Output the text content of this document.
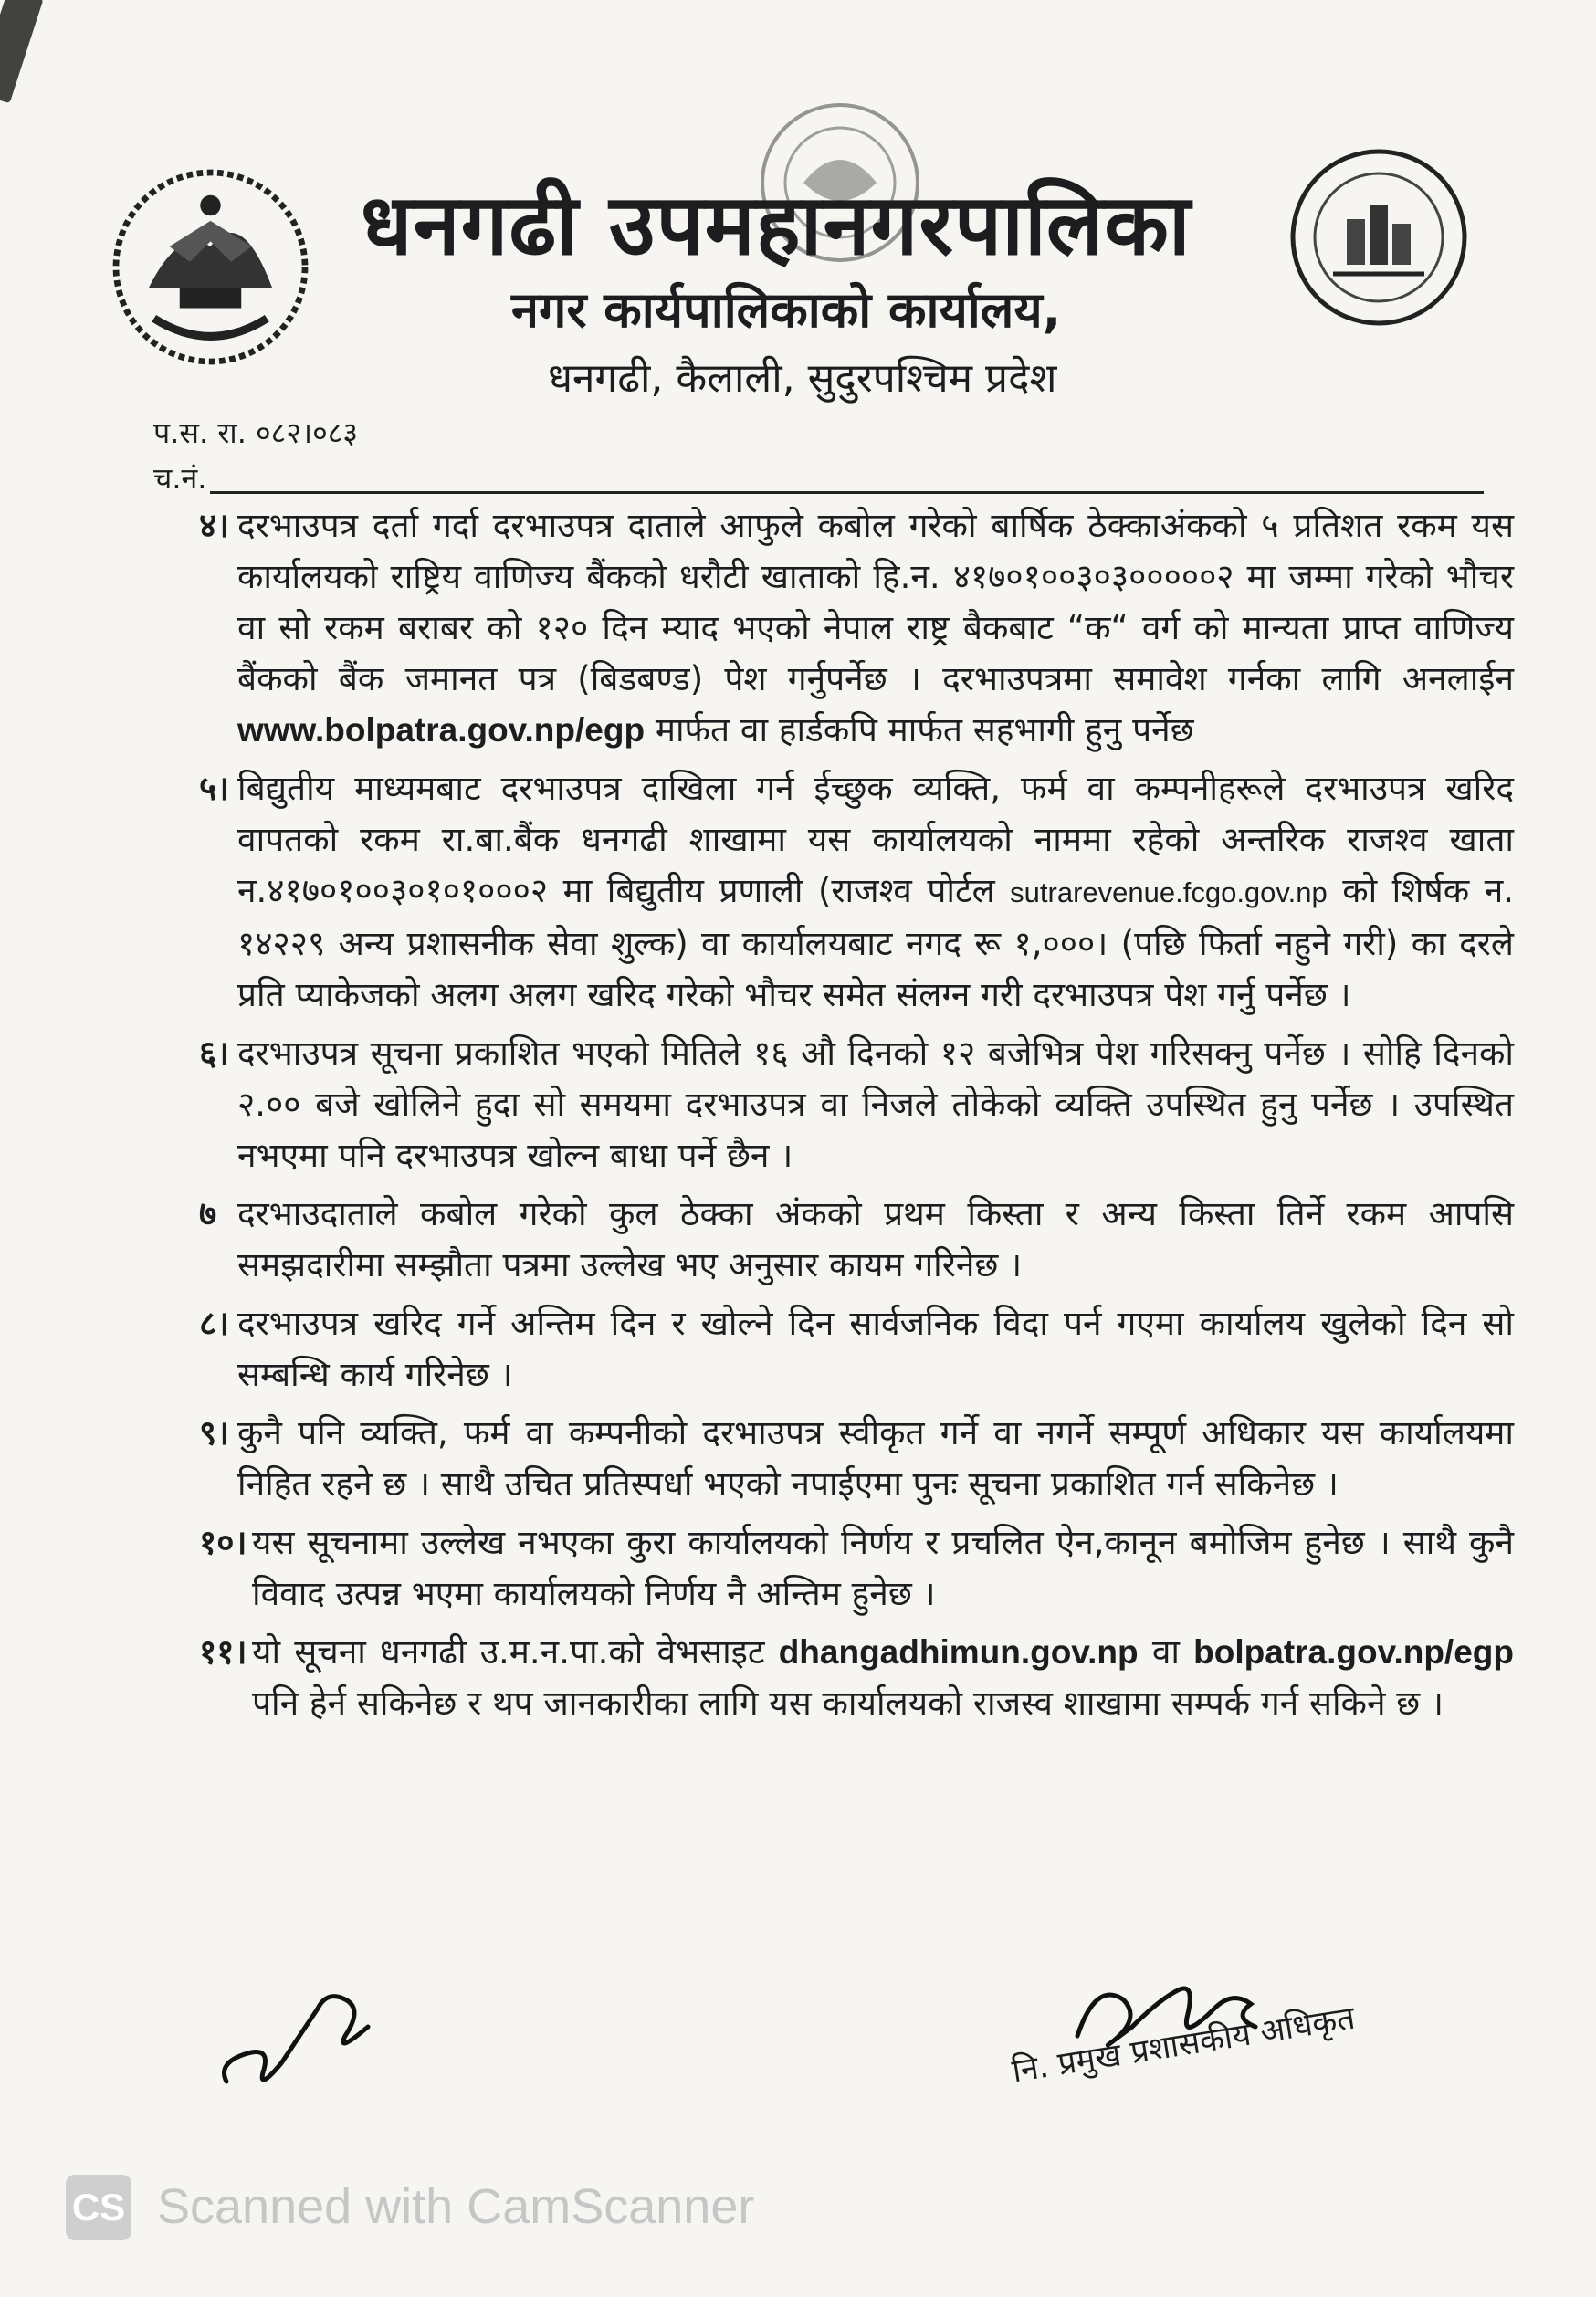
धनगढी उपमहानगरपालिका
नगर कार्यपालिकाको कार्यालय,
धनगढी, कैलाली, सुदुरपश्चिम प्रदेश
प.स. रा. ०८२।०८३
च.नं.
४। दरभाउपत्र दर्ता गर्दा दरभाउपत्र दाताले आफुले कबोल गरेको बार्षिक ठेक्काअंकको ५ प्रतिशत रकम यस कार्यालयको राष्ट्रिय वाणिज्य बैंकको धरौटी खाताको हि.न. ४१७०१००३०३०००००२ मा जम्मा गरेको भौचर वा सो रकम बराबर को १२० दिन म्याद भएको नेपाल राष्ट्र बैकबाट “क“ वर्ग को मान्यता प्राप्त वाणिज्य बैंकको बैंक जमानत पत्र (बिडबण्ड) पेश गर्नुपर्नेछ । दरभाउपत्रमा समावेश गर्नका लागि अनलाईन www.bolpatra.gov.np/egp मार्फत वा हार्डकपि मार्फत सहभागी हुनु पर्नेछ
५। बिद्युतीय माध्यमबाट दरभाउपत्र दाखिला गर्न ईच्छुक व्यक्ति, फर्म वा कम्पनीहरूले दरभाउपत्र खरिद वापतको रकम रा.बा.बैंक धनगढी शाखामा यस कार्यालयको नाममा रहेको अन्तरिक राजश्व खाता न.४१७०१००३०१०१०००२ मा बिद्युतीय प्रणाली (राजश्व पोर्टल sutrarevenue.fcgo.gov.np को शिर्षक न. १४२२९ अन्य प्रशासनीक सेवा शुल्क) वा कार्यालयबाट नगद रू १,०००। (पछि फिर्ता नहुने गरी) का दरले प्रति प्याकेजको अलग अलग खरिद गरेको भौचर समेत संलग्न गरी दरभाउपत्र पेश गर्नु पर्नेछ ।
६। दरभाउपत्र सूचना प्रकाशित भएको मितिले १६ औ दिनको १२ बजेभित्र पेश गरिसक्नु पर्नेछ । सोहि दिनको २.०० बजे खोलिने हुदा सो समयमा दरभाउपत्र वा निजले तोकेको व्यक्ति उपस्थित हुनु पर्नेछ । उपस्थित नभएमा पनि दरभाउपत्र खोल्न बाधा पर्ने छैन ।
७ दरभाउदाताले कबोल गरेको कुल ठेक्का अंकको प्रथम किस्ता र अन्य किस्ता तिर्ने रकम आपसि समझदारीमा सम्झौता पत्रमा उल्लेख भए अनुसार कायम गरिनेछ ।
८। दरभाउपत्र खरिद गर्ने अन्तिम दिन र खोल्ने दिन सार्वजनिक विदा पर्न गएमा कार्यालय खुलेको दिन सो सम्बन्धि कार्य गरिनेछ ।
९। कुनै पनि व्यक्ति, फर्म वा कम्पनीको दरभाउपत्र स्वीकृत गर्ने वा नगर्ने सम्पूर्ण अधिकार यस कार्यालयमा निहित रहने छ । साथै उचित प्रतिस्पर्धा भएको नपाईएमा पुनः सूचना प्रकाशित गर्न सकिनेछ ।
१०। यस सूचनामा उल्लेख नभएका कुरा कार्यालयको निर्णय र प्रचलित ऐन,कानून बमोजिम हुनेछ । साथै कुनै विवाद उत्पन्न भएमा कार्यालयको निर्णय नै अन्तिम हुनेछ ।
११। यो सूचना धनगढी उ.म.न.पा.को वेभसाइट dhangadhimun.gov.np वा bolpatra.gov.np/egp पनि हेर्न सकिनेछ र थप जानकारीका लागि यस कार्यालयको राजस्व शाखामा सम्पर्क गर्न सकिने छ ।
नि. प्रमुख प्रशासकीय अधिकृत
CS Scanned with CamScanner
